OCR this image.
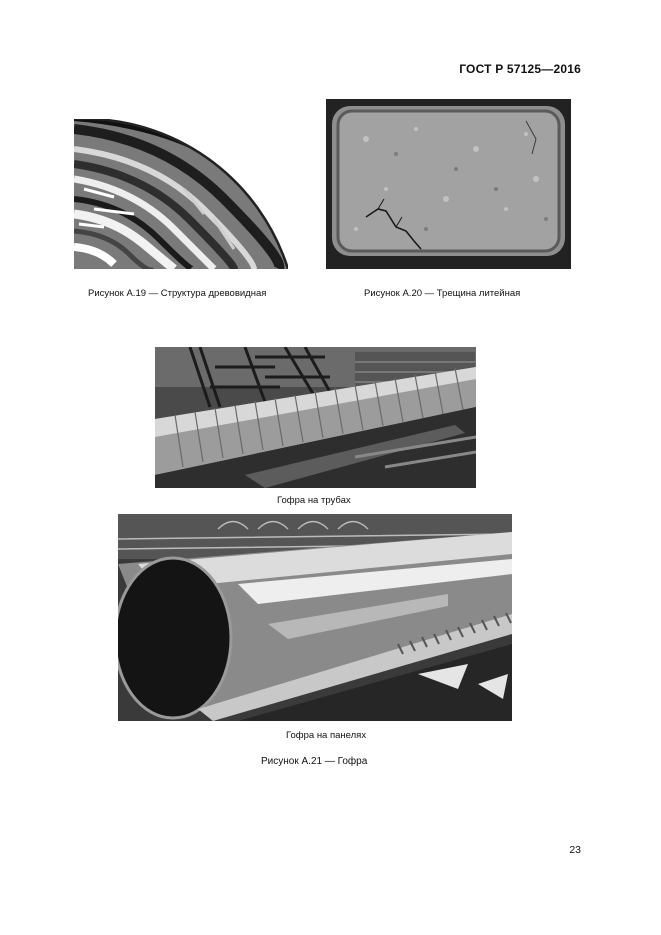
ГОСТ Р 57125—2016
Рисунок А.19 — Структура древовидная	Рисунок А.20 — Трещина литейная
Гофра на трубах
Гофра на панелях
Рисунок А.21 — Гофра
23
